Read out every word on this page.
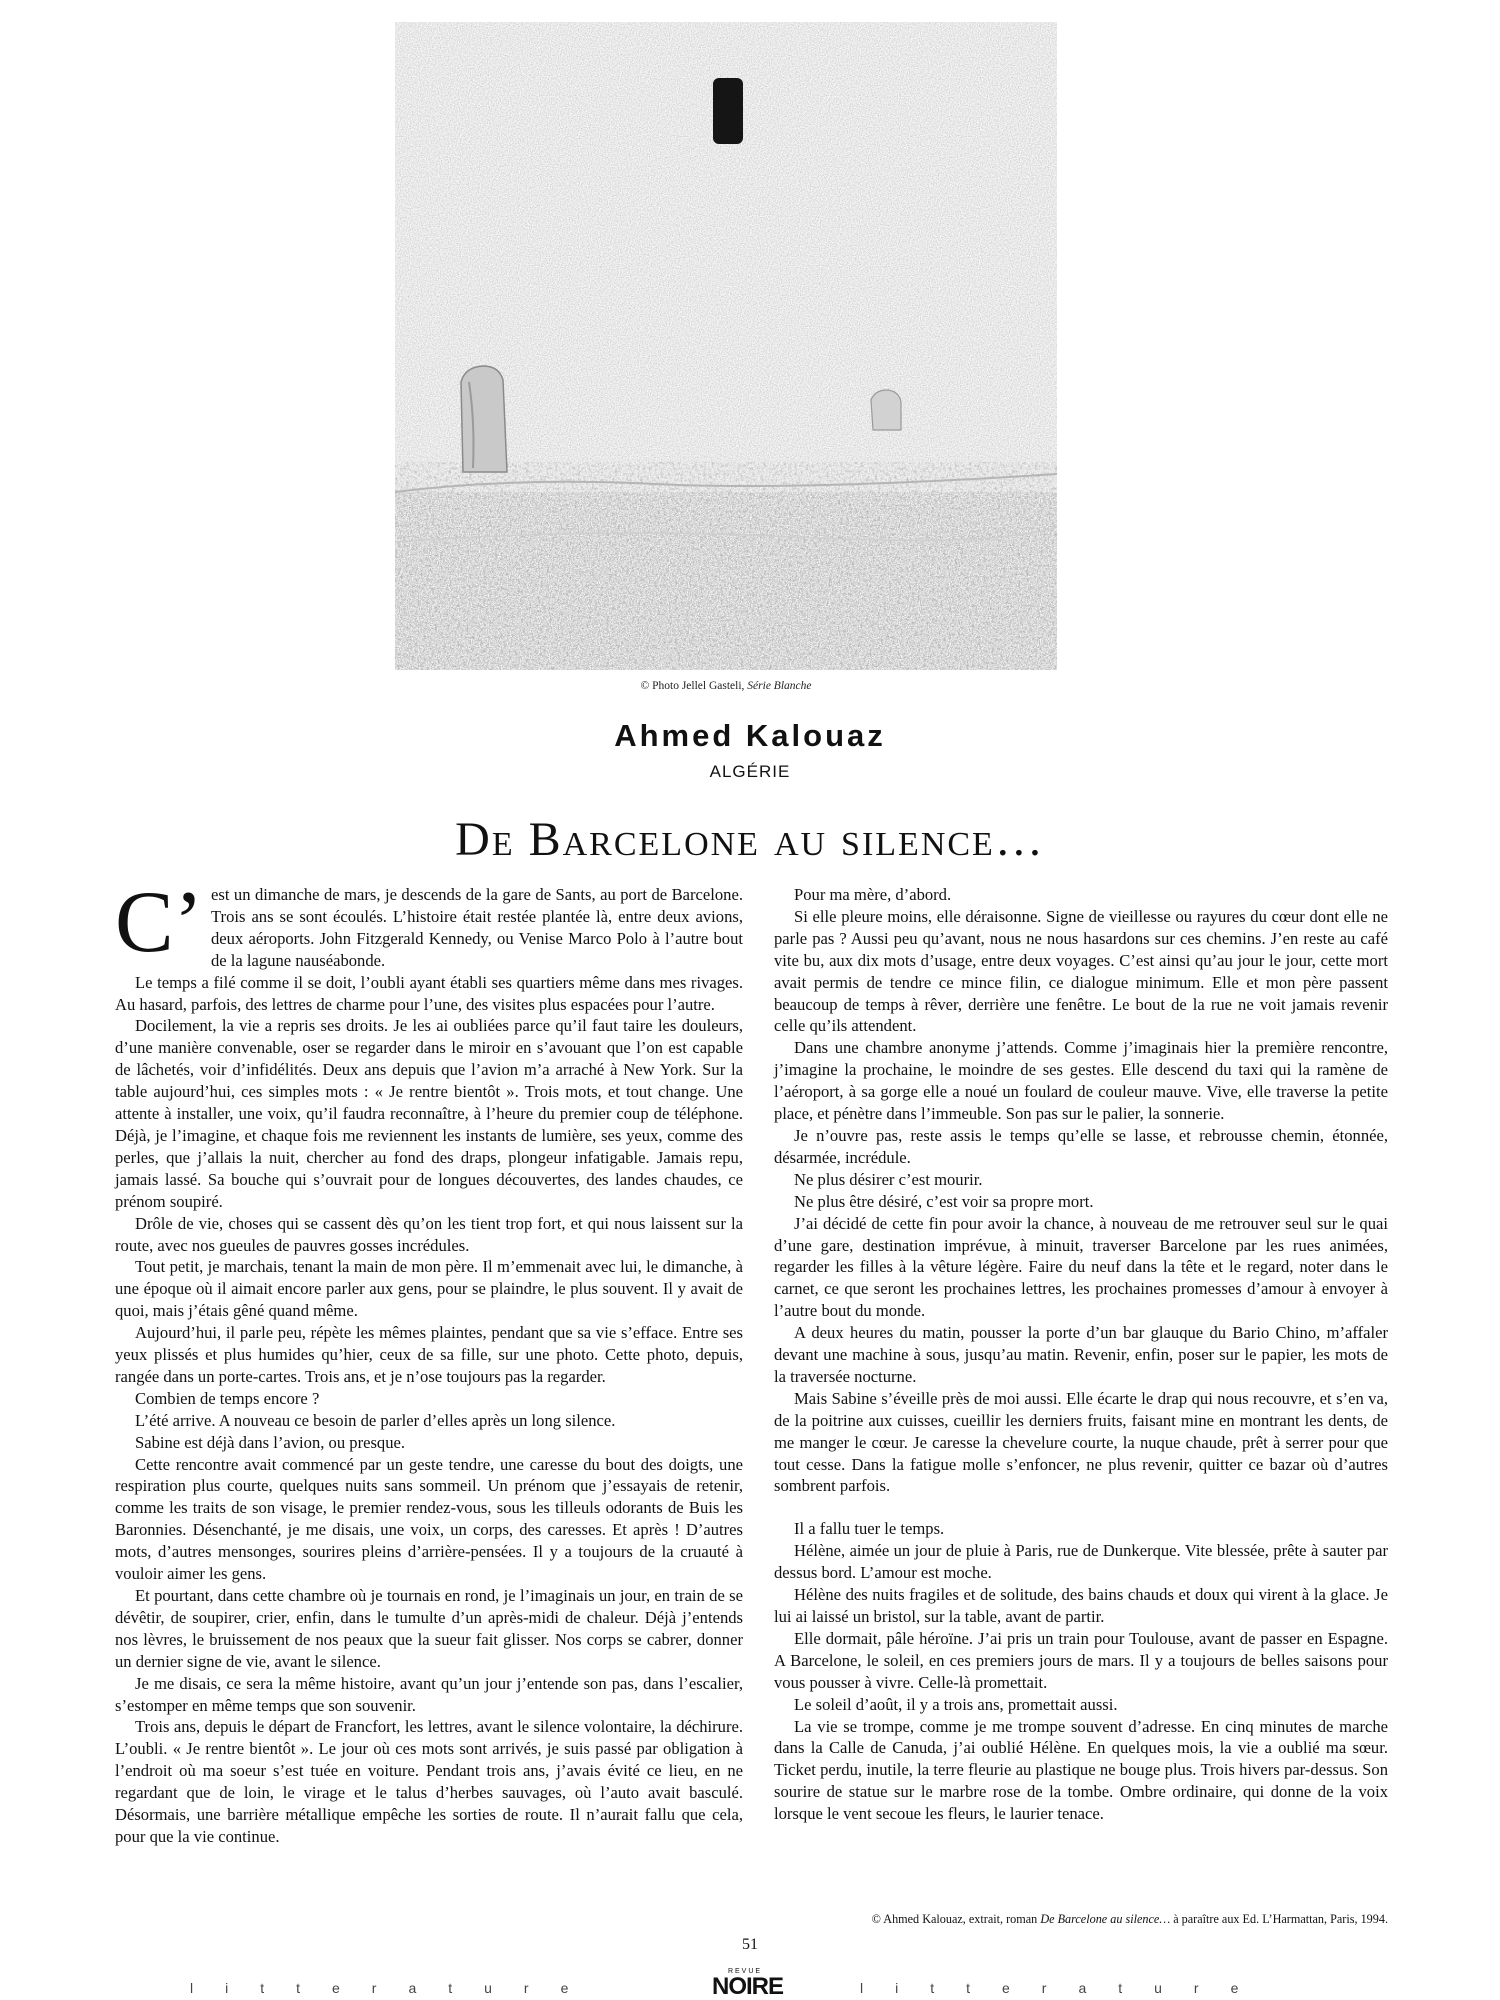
© Photo Jellel Gasteli, Série Blanche
Ahmed Kalouaz
ALGÉRIE
De Barcelone au silence…

C’ est un dimanche de mars, je descends de la gare de Sants, au port de Barcelone. Trois ans se sont écoulés. L’histoire était restée plantée là, entre deux avions, deux aéroports. John Fitzgerald Kennedy, ou Venise Marco Polo à l’autre bout de la lagune nauséabonde.

Le temps a filé comme il se doit, l’oubli ayant établi ses quartiers même dans mes rivages. Au hasard, parfois, des lettres de charme pour l’une, des visites plus espacées pour l’autre.

Docilement, la vie a repris ses droits. Je les ai oubliées parce qu’il faut taire les douleurs, d’une manière convenable, oser se regarder dans le miroir en s’avouant que l’on est capable de lâchetés, voir d’infidélités. Deux ans depuis que l’avion m’a arraché à New York. Sur la table aujourd’hui, ces simples mots : « Je rentre bientôt ». Trois mots, et tout change. Une attente à installer, une voix, qu’il faudra reconnaître, à l’heure du premier coup de téléphone. Déjà, je l’imagine, et chaque fois me reviennent les instants de lumière, ses yeux, comme des perles, que j’allais la nuit, chercher au fond des draps, plongeur infatigable. Jamais repu, jamais lassé. Sa bouche qui s’ouvrait pour de longues découvertes, des landes chaudes, ce prénom soupiré.

Drôle de vie, choses qui se cassent dès qu’on les tient trop fort, et qui nous laissent sur la route, avec nos gueules de pauvres gosses incrédules.

Tout petit, je marchais, tenant la main de mon père. Il m’emmenait avec lui, le dimanche, à une époque où il aimait encore parler aux gens, pour se plaindre, le plus souvent. Il y avait de quoi, mais j’étais gêné quand même.

Aujourd’hui, il parle peu, répète les mêmes plaintes, pendant que sa vie s’efface. Entre ses yeux plissés et plus humides qu’hier, ceux de sa fille, sur une photo. Cette photo, depuis, rangée dans un porte-cartes. Trois ans, et je n’ose toujours pas la regarder.

Combien de temps encore ?

L’été arrive. A nouveau ce besoin de parler d’elles après un long silence.

Sabine est déjà dans l’avion, ou presque.

Cette rencontre avait commencé par un geste tendre, une caresse du bout des doigts, une respiration plus courte, quelques nuits sans sommeil. Un prénom que j’essayais de retenir, comme les traits de son visage, le premier rendez-vous, sous les tilleuls odorants de Buis les Baronnies. Désenchanté, je me disais, une voix, un corps, des caresses. Et après ! D’autres mots, d’autres mensonges, sourires pleins d’arrière-pensées. Il y a toujours de la cruauté à vouloir aimer les gens.

Et pourtant, dans cette chambre où je tournais en rond, je l’imaginais un jour, en train de se dévêtir, de soupirer, crier, enfin, dans le tumulte d’un après-midi de chaleur. Déjà j’entends nos lèvres, le bruissement de nos peaux que la sueur fait glisser. Nos corps se cabrer, donner un dernier signe de vie, avant le silence.

Je me disais, ce sera la même histoire, avant qu’un jour j’entende son pas, dans l’escalier, s’estomper en même temps que son souvenir.

Trois ans, depuis le départ de Francfort, les lettres, avant le silence volontaire, la déchirure. L’oubli. « Je rentre bientôt ». Le jour où ces mots sont arrivés, je suis passé par obligation à l’endroit où ma soeur s’est tuée en voiture. Pendant trois ans, j’avais évité ce lieu, en ne regardant que de loin, le virage et le talus d’herbes sauvages, où l’auto avait basculé. Désormais, une barrière métallique empêche les sorties de route. Il n’aurait fallu que cela, pour que la vie continue.

Pour ma mère, d’abord.

Si elle pleure moins, elle déraisonne. Signe de vieillesse ou rayures du cœur dont elle ne parle pas ? Aussi peu qu’avant, nous ne nous hasardons sur ces chemins. J’en reste au café vite bu, aux dix mots d’usage, entre deux voyages. C’est ainsi qu’au jour le jour, cette mort avait permis de tendre ce mince filin, ce dialogue minimum. Elle et mon père passent beaucoup de temps à rêver, derrière une fenêtre. Le bout de la rue ne voit jamais revenir celle qu’ils attendent.

Dans une chambre anonyme j’attends. Comme j’imaginais hier la première rencontre, j’imagine la prochaine, le moindre de ses gestes. Elle descend du taxi qui la ramène de l’aéroport, à sa gorge elle a noué un foulard de couleur mauve. Vive, elle traverse la petite place, et pénètre dans l’immeuble. Son pas sur le palier, la sonnerie.

Je n’ouvre pas, reste assis le temps qu’elle se lasse, et rebrousse chemin, étonnée, désarmée, incrédule.

Ne plus désirer c’est mourir.

Ne plus être désiré, c’est voir sa propre mort.

J’ai décidé de cette fin pour avoir la chance, à nouveau de me retrouver seul sur le quai d’une gare, destination imprévue, à minuit, traverser Barcelone par les rues animées, regarder les filles à la vêture légère. Faire du neuf dans la tête et le regard, noter dans le carnet, ce que seront les prochaines lettres, les prochaines promesses d’amour à envoyer à l’autre bout du monde.

A deux heures du matin, pousser la porte d’un bar glauque du Bario Chino, m’affaler devant une machine à sous, jusqu’au matin. Revenir, enfin, poser sur le papier, les mots de la traversée nocturne.

Mais Sabine s’éveille près de moi aussi. Elle écarte le drap qui nous recouvre, et s’en va, de la poitrine aux cuisses, cueillir les derniers fruits, faisant mine en montrant les dents, de me manger le cœur. Je caresse la chevelure courte, la nuque chaude, prêt à serrer pour que tout cesse. Dans la fatigue molle s’enfoncer, ne plus revenir, quitter ce bazar où d’autres sombrent parfois.

Il a fallu tuer le temps.

Hélène, aimée un jour de pluie à Paris, rue de Dunkerque. Vite blessée, prête à sauter par dessus bord. L’amour est moche.

Hélène des nuits fragiles et de solitude, des bains chauds et doux qui virent à la glace. Je lui ai laissé un bristol, sur la table, avant de partir.

Elle dormait, pâle héroïne. J’ai pris un train pour Toulouse, avant de passer en Espagne. A Barcelone, le soleil, en ces premiers jours de mars. Il y a toujours de belles saisons pour vous pousser à vivre. Celle-là promettait.

Le soleil d’août, il y a trois ans, promettait aussi.

La vie se trompe, comme je me trompe souvent d’adresse. En cinq minutes de marche dans la Calle de Canuda, j’ai oublié Hélène. En quelques mois, la vie a oublié ma sœur. Ticket perdu, inutile, la terre fleurie au plastique ne bouge plus. Trois hivers par-dessus. Son sourire de statue sur le marbre rose de la tombe. Ombre ordinaire, qui donne de la voix lorsque le vent secoue les fleurs, le laurier tenace.

© Ahmed Kalouaz, extrait, roman De Barcelone au silence… à paraître aux Ed. L’Harmattan, Paris, 1994.
51
litterature
REVUE
NOIRE	litterature
